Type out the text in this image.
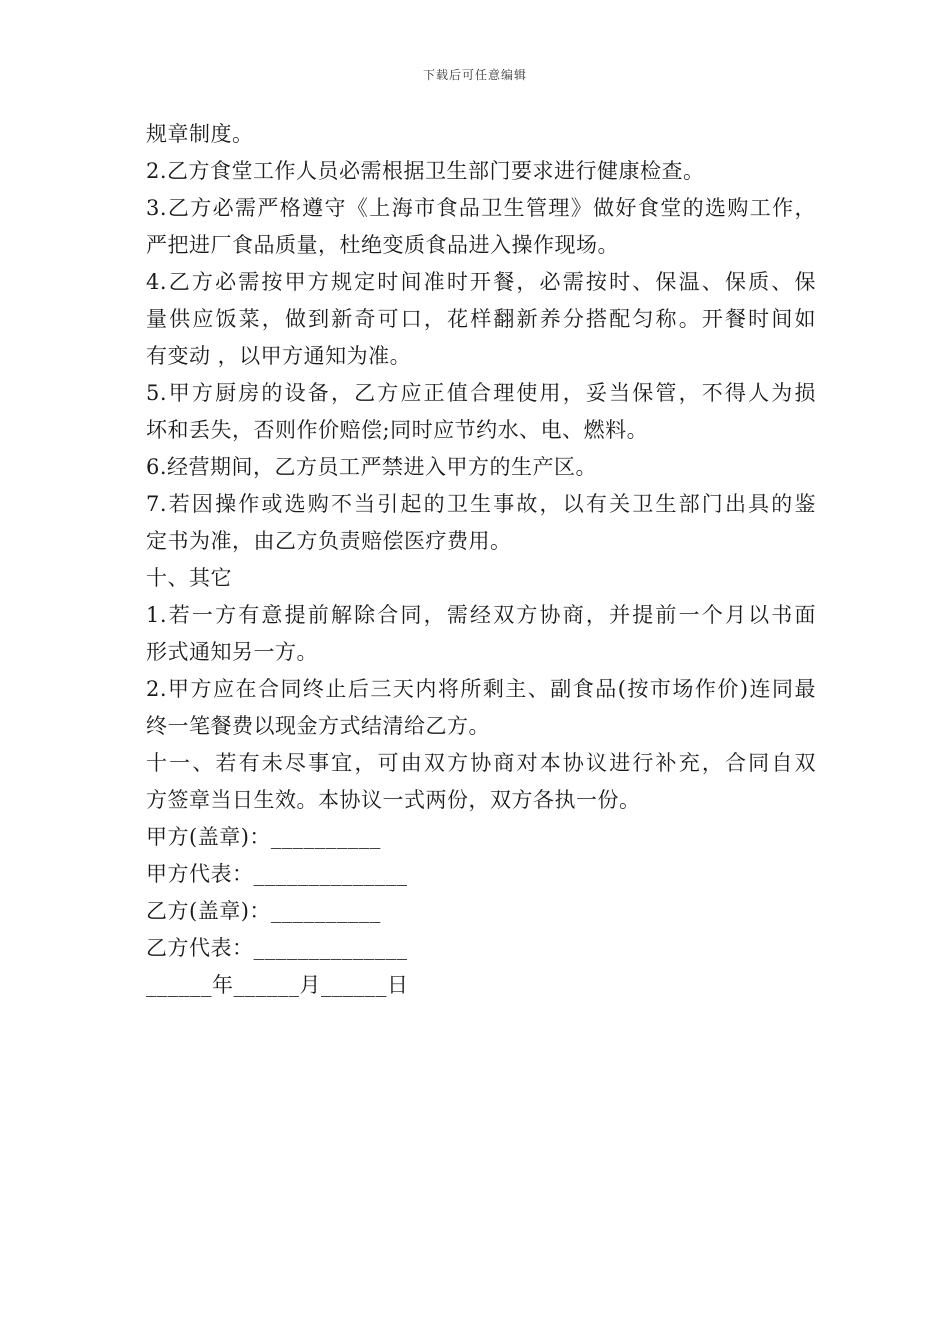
下载后可任意编辑
规章制度。
2.乙方食堂工作人员必需根据卫生部门要求进行健康检查。
3.乙方必需严格遵守《上海市食品卫生管理》做好食堂的选购工作，
严把进厂食品质量，杜绝变质食品进入操作现场。
4.乙方必需按甲方规定时间准时开餐，必需按时、保温、保质、保
量供应饭菜，做到新奇可口，花样翻新养分搭配匀称。开餐时间如
有变动 ，以甲方通知为准。
5.甲方厨房的设备，乙方应正值合理使用，妥当保管，不得人为损
坏和丢失，否则作价赔偿;同时应节约水、电、燃料。
6.经营期间，乙方员工严禁进入甲方的生产区。
7.若因操作或选购不当引起的卫生事故，以有关卫生部门出具的鉴
定书为准，由乙方负责赔偿医疗费用。
十、其它
1.若一方有意提前解除合同，需经双方协商，并提前一个月以书面
形式通知另一方。
2.甲方应在合同终止后三天内将所剩主、副食品(按市场作价)连同最
终一笔餐费以现金方式结清给乙方。
十一、若有未尽事宜，可由双方协商对本协议进行补充，合同自双
方签章当日生效。本协议一式两份，双方各执一份。
甲方(盖章)：__________
甲方代表：______________
乙方(盖章)：__________
乙方代表：______________
______年______月______日
